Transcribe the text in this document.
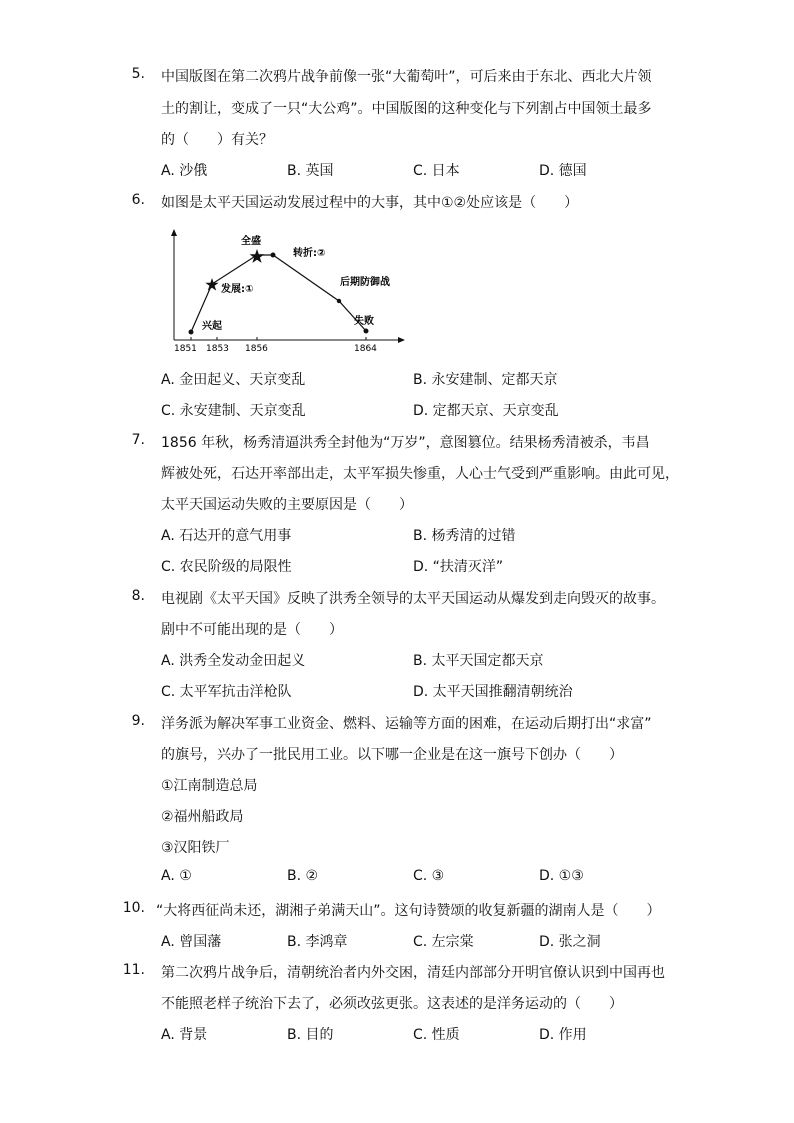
5. 中国版图在第二次鸦片战争前像一张“大葡萄叶”，可后来由于东北、西北大片领
土的割让，变成了一只“大公鸡”。中国版图的这种变化与下列割占中国领土最多
的（　　）有关？
A. 沙俄	B. 英国	C. 日本	D. 德国
6. 如图是太平天国运动发展过程中的大事，其中①②处应该是（　　）
兴起
发展:①
全盛
转折:②
后期防御战
失败
1851 1853 1856	1864
A. 金田起义、天京变乱	B. 永安建制、定都天京
C. 永安建制、天京变乱	D. 定都天京、天京变乱
7. 1856 年秋，杨秀清逼洪秀全封他为“万岁”，意图篡位。结果杨秀清被杀，韦昌
辉被处死，石达开率部出走，太平军损失惨重，人心士气受到严重影响。由此可见，
太平天国运动失败的主要原因是（　　）
A. 石达开的意气用事	B. 杨秀清的过错
C. 农民阶级的局限性	D. “扶清灭洋”
8. 电视剧《太平天国》反映了洪秀全领导的太平天国运动从爆发到走向毁灭的故事。
剧中不可能出现的是（　　）
A. 洪秀全发动金田起义	B. 太平天国定都天京
C. 太平军抗击洋枪队	D. 太平天国推翻清朝统治
9. 洋务派为解决军事工业资金、燃料、运输等方面的困难，在运动后期打出“求富”
的旗号，兴办了一批民用工业。以下哪一企业是在这一旗号下创办（　　）
①江南制造总局
②福州船政局
③汉阳铁厂
A. ①	B. ②	C. ③	D. ①③
10. “大将西征尚未还，湖湘子弟满天山”。这句诗赞颂的收复新疆的湖南人是（　　）
A. 曾国藩	B. 李鸿章	C. 左宗棠	D. 张之洞
11. 第二次鸦片战争后，清朝统治者内外交困，清廷内部部分开明官僚认识到中国再也
不能照老样子统治下去了，必须改弦更张。这表述的是洋务运动的（　　）
A. 背景	B. 目的	C. 性质	D. 作用
